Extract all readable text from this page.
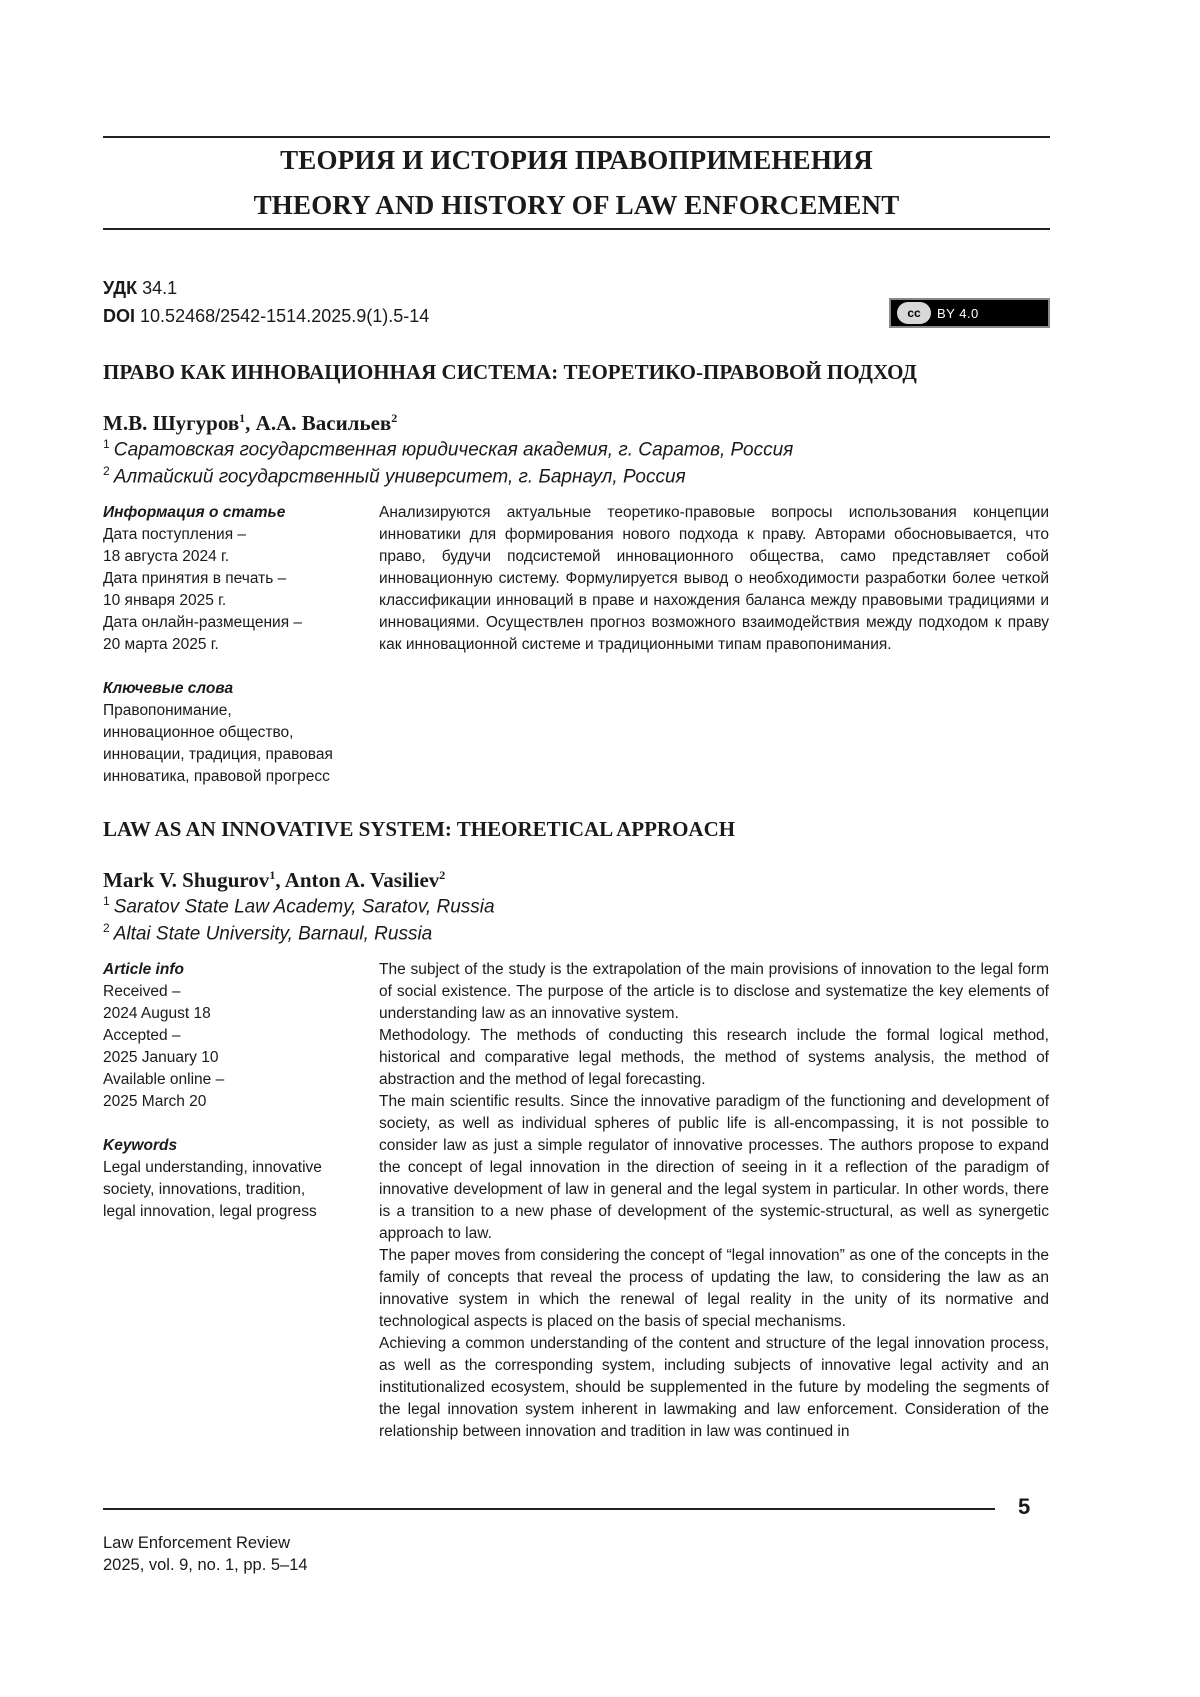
ТЕОРИЯ И ИСТОРИЯ ПРАВОПРИМЕНЕНИЯ
THEORY AND HISTORY OF LAW ENFORCEMENT
УДК 34.1
DOI 10.52468/2542-1514.2025.9(1).5-14	cc	BY 4.0
ПРАВО КАК ИННОВАЦИОННАЯ СИСТЕМА: ТЕОРЕТИКО-ПРАВОВОЙ ПОДХОД
М.В. Шугуров$^1$, А.А. Васильев$^2$
$^1$ Саратовская государственная юридическая академия, г. Саратов, Россия
$^2$ Алтайский государственный университет, г. Барнаул, Россия
Информация о статье
Дата поступления –
18 августа 2024 г.
Дата принятия в печать –
10 января 2025 г.
Дата онлайн-размещения –
20 марта 2025 г.
Ключевые слова
Правопонимание,
инновационное общество,
инновации, традиция, правовая
инноватика, правовой прогресс

Анализируются актуальные теоретико-правовые вопросы использования концепции инноватики для формирования нового подхода к праву. Авторами обосновывается, что право, будучи подсистемой инновационного общества, само представляет собой инновационную систему. Формулируется вывод о необходимости разработки более четкой классификации инноваций в праве и нахождения баланса между правовыми традициями и инновациями. Осуществлен прогноз возможного взаимодействия между подходом к праву как инновационной системе и традиционными типам правопонимания.

LAW AS AN INNOVATIVE SYSTEM: THEORETICAL APPROACH
Mark V. Shugurov$^1$, Anton A. Vasiliev$^2$
$^1$ Saratov State Law Academy, Saratov, Russia
$^2$ Altai State University, Barnaul, Russia
Article info
Received –
2024 August 18
Accepted –
2025 January 10
Available online –
2025 March 20
Keywords
Legal understanding, innovative
society, innovations, tradition,
legal innovation, legal progress

The subject of the study is the extrapolation of the main provisions of innovation to the legal form of social existence. The purpose of the article is to disclose and systematize the key elements of understanding law as an innovative system.

Methodology. The methods of conducting this research include the formal logical method, historical and comparative legal methods, the method of systems analysis, the method of abstraction and the method of legal forecasting.

The main scientific results. Since the innovative paradigm of the functioning and development of society, as well as individual spheres of public life is all-encompassing, it is not possible to consider law as just a simple regulator of innovative processes. The authors propose to expand the concept of legal innovation in the direction of seeing in it a reflection of the paradigm of innovative development of law in general and the legal system in particular. In other words, there is a transition to a new phase of development of the systemic-structural, as well as synergetic approach to law.

The paper moves from considering the concept of “legal innovation” as one of the concepts in the family of concepts that reveal the process of updating the law, to considering the law as an innovative system in which the renewal of legal reality in the unity of its normative and technological aspects is placed on the basis of special mechanisms.

Achieving a common understanding of the content and structure of the legal innovation process, as well as the corresponding system, including subjects of innovative legal activity and an institutionalized ecosystem, should be supplemented in the future by modeling the segments of the legal innovation system inherent in lawmaking and law enforcement. Consideration of the relationship between innovation and tradition in law was continued in

5
Law Enforcement Review
2025, vol. 9, no. 1, pp. 5–14
